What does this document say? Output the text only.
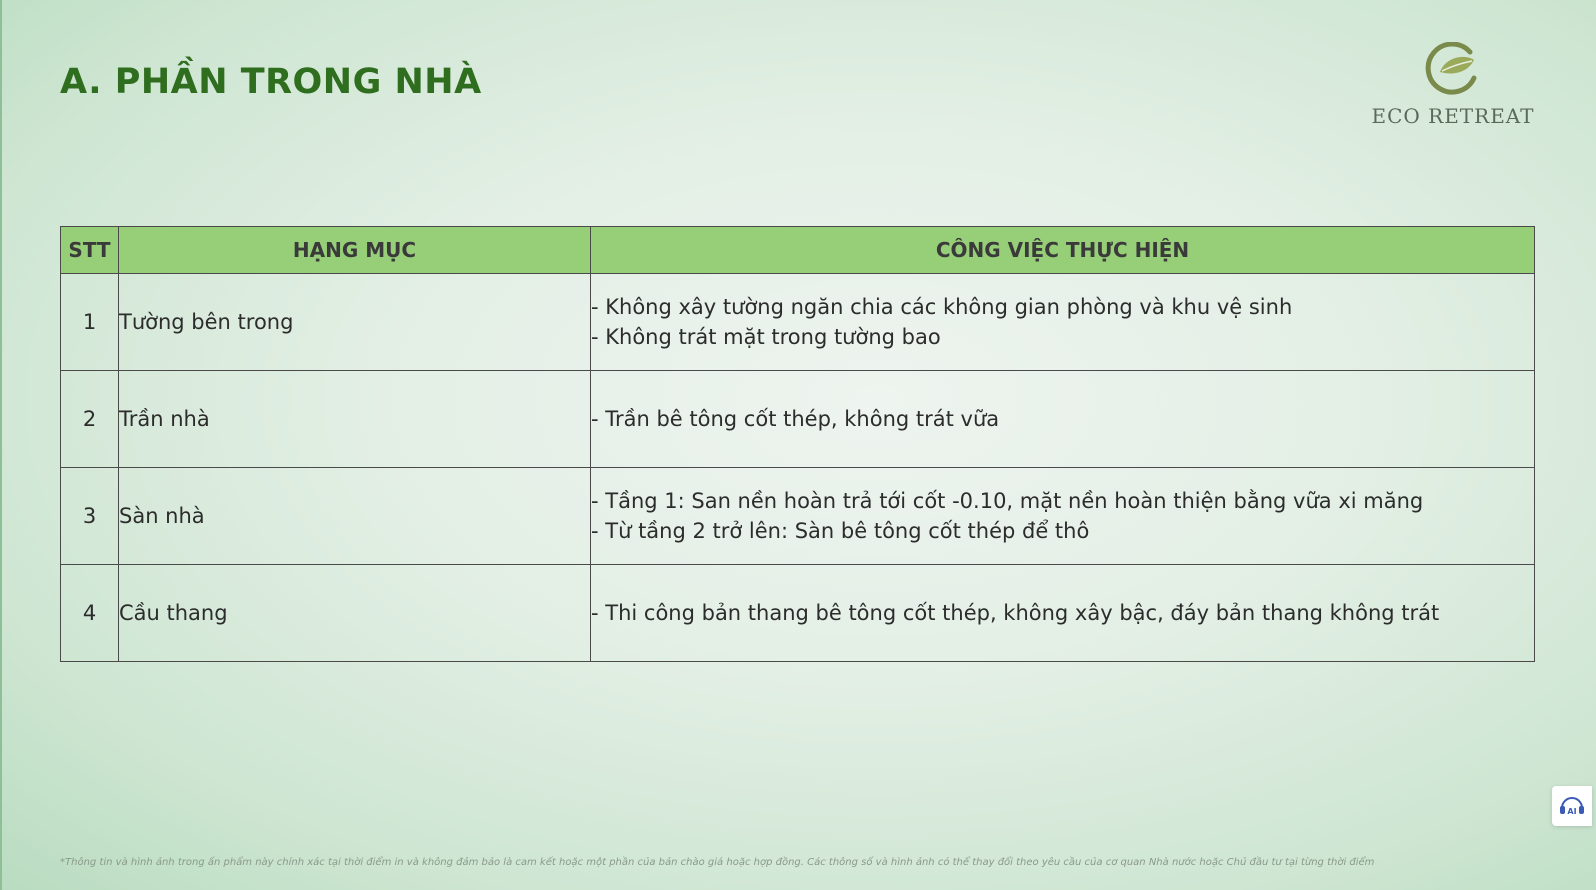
A. PHẦN TRONG NHÀ
ECO RETREAT
STT	HẠNG MỤC	CÔNG VIỆC THỰC HIỆN
1	Tường bên trong	- Không xây tường ngăn chia các không gian phòng và khu vệ sinh
- Không trát mặt trong tường bao

2	Trần nhà	- Trần bê tông cốt thép, không trát vữa

3	Sàn nhà	- Tầng 1: San nền hoàn trả tới cốt -0.10, mặt nền hoàn thiện bằng vữa xi măng
- Từ tầng 2 trở lên: Sàn bê tông cốt thép để thô

4	Cầu thang	- Thi công bản thang bê tông cốt thép, không xây bậc, đáy bản thang không trát
*Thông tin và hình ảnh trong ấn phẩm này chính xác tại thời điểm in và không đảm bảo là cam kết hoặc một phần của bản chào giá hoặc hợp đồng. Các thông số và hình ảnh có thể thay đổi theo yêu cầu của cơ quan Nhà nước hoặc Chủ đầu tư tại từng thời điểm
AI
